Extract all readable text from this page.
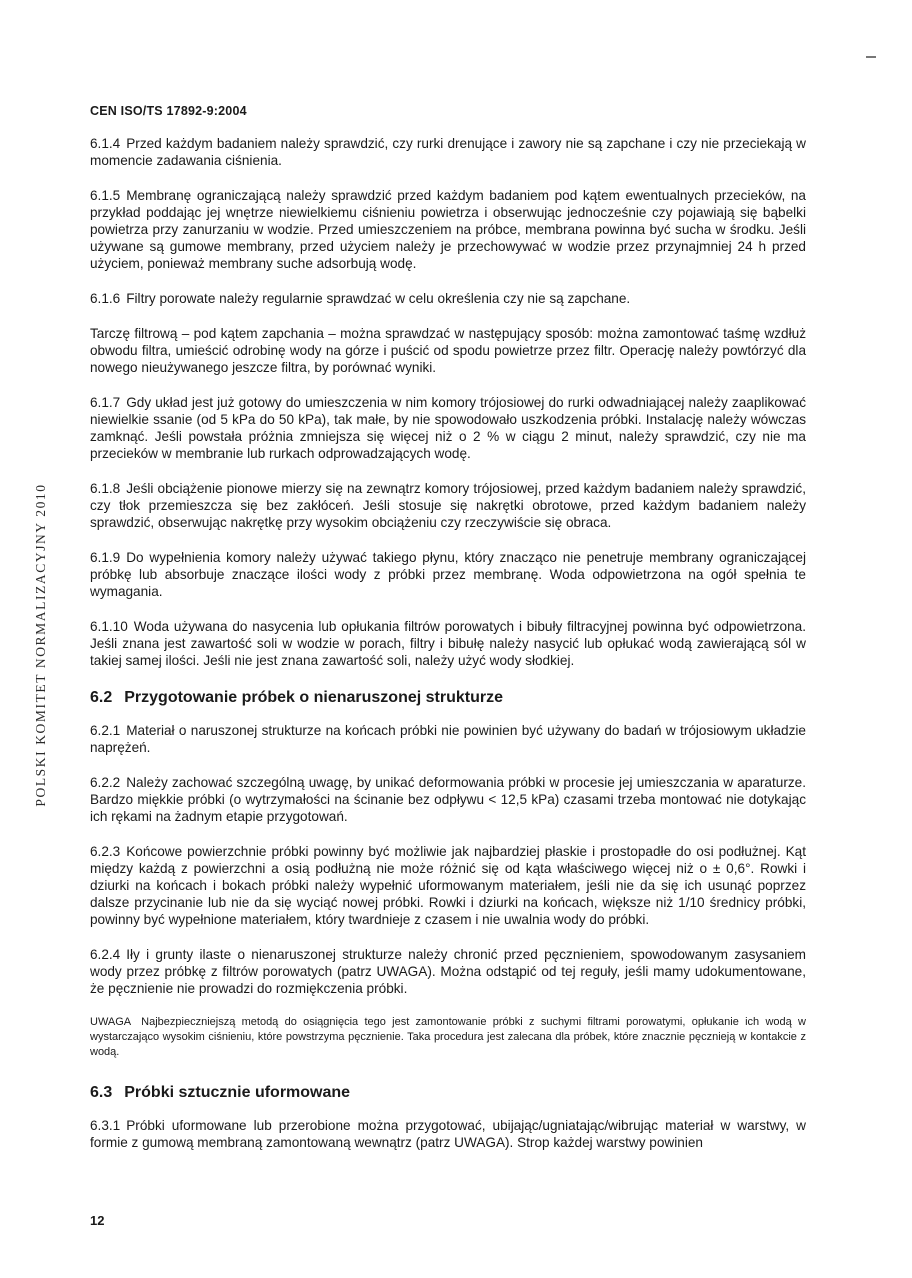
CEN ISO/TS 17892-9:2004
POLSKI KOMITET NORMALIZACYJNY 2010

6.1.4 Przed każdym badaniem należy sprawdzić, czy rurki drenujące i zawory nie są zapchane i czy nie przeciekają w momencie zadawania ciśnienia.

6.1.5 Membranę ograniczającą należy sprawdzić przed każdym badaniem pod kątem ewentualnych przecieków, na przykład poddając jej wnętrze niewielkiemu ciśnieniu powietrza i obserwując jednocześnie czy pojawiają się bąbelki powietrza przy zanurzaniu w wodzie. Przed umieszczeniem na próbce, membrana powinna być sucha w środku. Jeśli używane są gumowe membrany, przed użyciem należy je przechowywać w wodzie przez przynajmniej 24 h przed użyciem, ponieważ membrany suche adsorbują wodę.

6.1.6 Filtry porowate należy regularnie sprawdzać w celu określenia czy nie są zapchane.

Tarczę filtrową – pod kątem zapchania – można sprawdzać w następujący sposób: można zamontować taśmę wzdłuż obwodu filtra, umieścić odrobinę wody na górze i puścić od spodu powietrze przez filtr. Operację należy powtórzyć dla nowego nieużywanego jeszcze filtra, by porównać wyniki.

6.1.7 Gdy układ jest już gotowy do umieszczenia w nim komory trójosiowej do rurki odwadniającej należy zaaplikować niewielkie ssanie (od 5 kPa do 50 kPa), tak małe, by nie spowodowało uszkodzenia próbki. Instalację należy wówczas zamknąć. Jeśli powstała próżnia zmniejsza się więcej niż o 2 % w ciągu 2 minut, należy sprawdzić, czy nie ma przecieków w membranie lub rurkach odprowadzających wodę.

6.1.8 Jeśli obciążenie pionowe mierzy się na zewnątrz komory trójosiowej, przed każdym badaniem należy sprawdzić, czy tłok przemieszcza się bez zakłóceń. Jeśli stosuje się nakrętki obrotowe, przed każdym badaniem należy sprawdzić, obserwując nakrętkę przy wysokim obciążeniu czy rzeczywiście się obraca.

6.1.9 Do wypełnienia komory należy używać takiego płynu, który znacząco nie penetruje membrany ograniczającej próbkę lub absorbuje znaczące ilości wody z próbki przez membranę. Woda odpowietrzona na ogół spełnia te wymagania.

6.1.10 Woda używana do nasycenia lub opłukania filtrów porowatych i bibuły filtracyjnej powinna być odpowietrzona. Jeśli znana jest zawartość soli w wodzie w porach, filtry i bibułę należy nasycić lub opłukać wodą zawierającą sól w takiej samej ilości. Jeśli nie jest znana zawartość soli, należy użyć wody słodkiej.

6.2 Przygotowanie próbek o nienaruszonej strukturze

6.2.1 Materiał o naruszonej strukturze na końcach próbki nie powinien być używany do badań w trójosiowym układzie naprężeń.

6.2.2 Należy zachować szczególną uwagę, by unikać deformowania próbki w procesie jej umieszczania w aparaturze. Bardzo miękkie próbki (o wytrzymałości na ścinanie bez odpływu < 12,5 kPa) czasami trzeba montować nie dotykając ich rękami na żadnym etapie przygotowań.

6.2.3 Końcowe powierzchnie próbki powinny być możliwie jak najbardziej płaskie i prostopadłe do osi podłużnej. Kąt między każdą z powierzchni a osią podłużną nie może różnić się od kąta właściwego więcej niż o ± 0,6°. Rowki i dziurki na końcach i bokach próbki należy wypełnić uformowanym materiałem, jeśli nie da się ich usunąć poprzez dalsze przycinanie lub nie da się wyciąć nowej próbki. Rowki i dziurki na końcach, większe niż 1/10 średnicy próbki, powinny być wypełnione materiałem, który twardnieje z czasem i nie uwalnia wody do próbki.

6.2.4 Iły i grunty ilaste o nienaruszonej strukturze należy chronić przed pęcznieniem, spowodowanym zasysaniem wody przez próbkę z filtrów porowatych (patrz UWAGA). Można odstąpić od tej reguły, jeśli mamy udokumentowane, że pęcznienie nie prowadzi do rozmiękczenia próbki.

UWAGA Najbezpieczniejszą metodą do osiągnięcia tego jest zamontowanie próbki z suchymi filtrami porowatymi, opłukanie ich wodą w wystarczająco wysokim ciśnieniu, które powstrzyma pęcznienie. Taka procedura jest zalecana dla próbek, które znacznie pęcznieją w kontakcie z wodą.
6.3 Próbki sztucznie uformowane

6.3.1 Próbki uformowane lub przerobione można przygotować, ubijając/ugniatając/wibrując materiał w warstwy, w formie z gumową membraną zamontowaną wewnątrz (patrz UWAGA). Strop każdej warstwy powinien

12
